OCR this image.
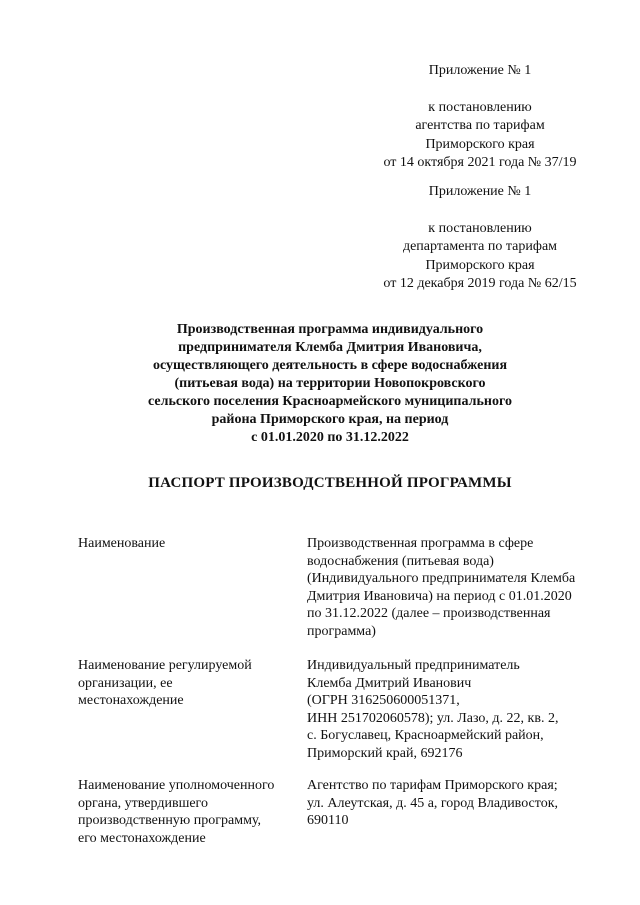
Приложение № 1
к постановлению
агентства по тарифам
Приморского края
от 14 октября 2021 года № 37/19
Приложение № 1
к постановлению
департамента по тарифам
Приморского края
от 12 декабря 2019 года № 62/15
Производственная программа индивидуального
предпринимателя Клемба Дмитрия Ивановича,
осуществляющего деятельность в сфере водоснабжения
(питьевая вода) на территории Новопокровского
сельского поселения Красноармейского муниципального
района Приморского края, на период
с 01.01.2020 по 31.12.2022
ПАСПОРТ ПРОИЗВОДСТВЕННОЙ ПРОГРАММЫ
Наименование	Производственная программа в сфере
водоснабжения (питьевая вода)
(Индивидуального предпринимателя Клемба
Дмитрия Ивановича) на период с 01.01.2020
по 31.12.2022 (далее – производственная
программа)
Наименование регулируемой
организации, ее
местонахождение
Индивидуальный предприниматель
Клемба Дмитрий Иванович
(ОГРН 316250600051371,
ИНН 251702060578); ул. Лазо, д. 22, кв. 2,
с. Богуславец, Красноармейский район,
Приморский край, 692176
Наименование уполномоченного
органа, утвердившего
производственную программу,
его местонахождение
Агентство по тарифам Приморского края;
ул. Алеутская, д. 45 а, город Владивосток,
690110
